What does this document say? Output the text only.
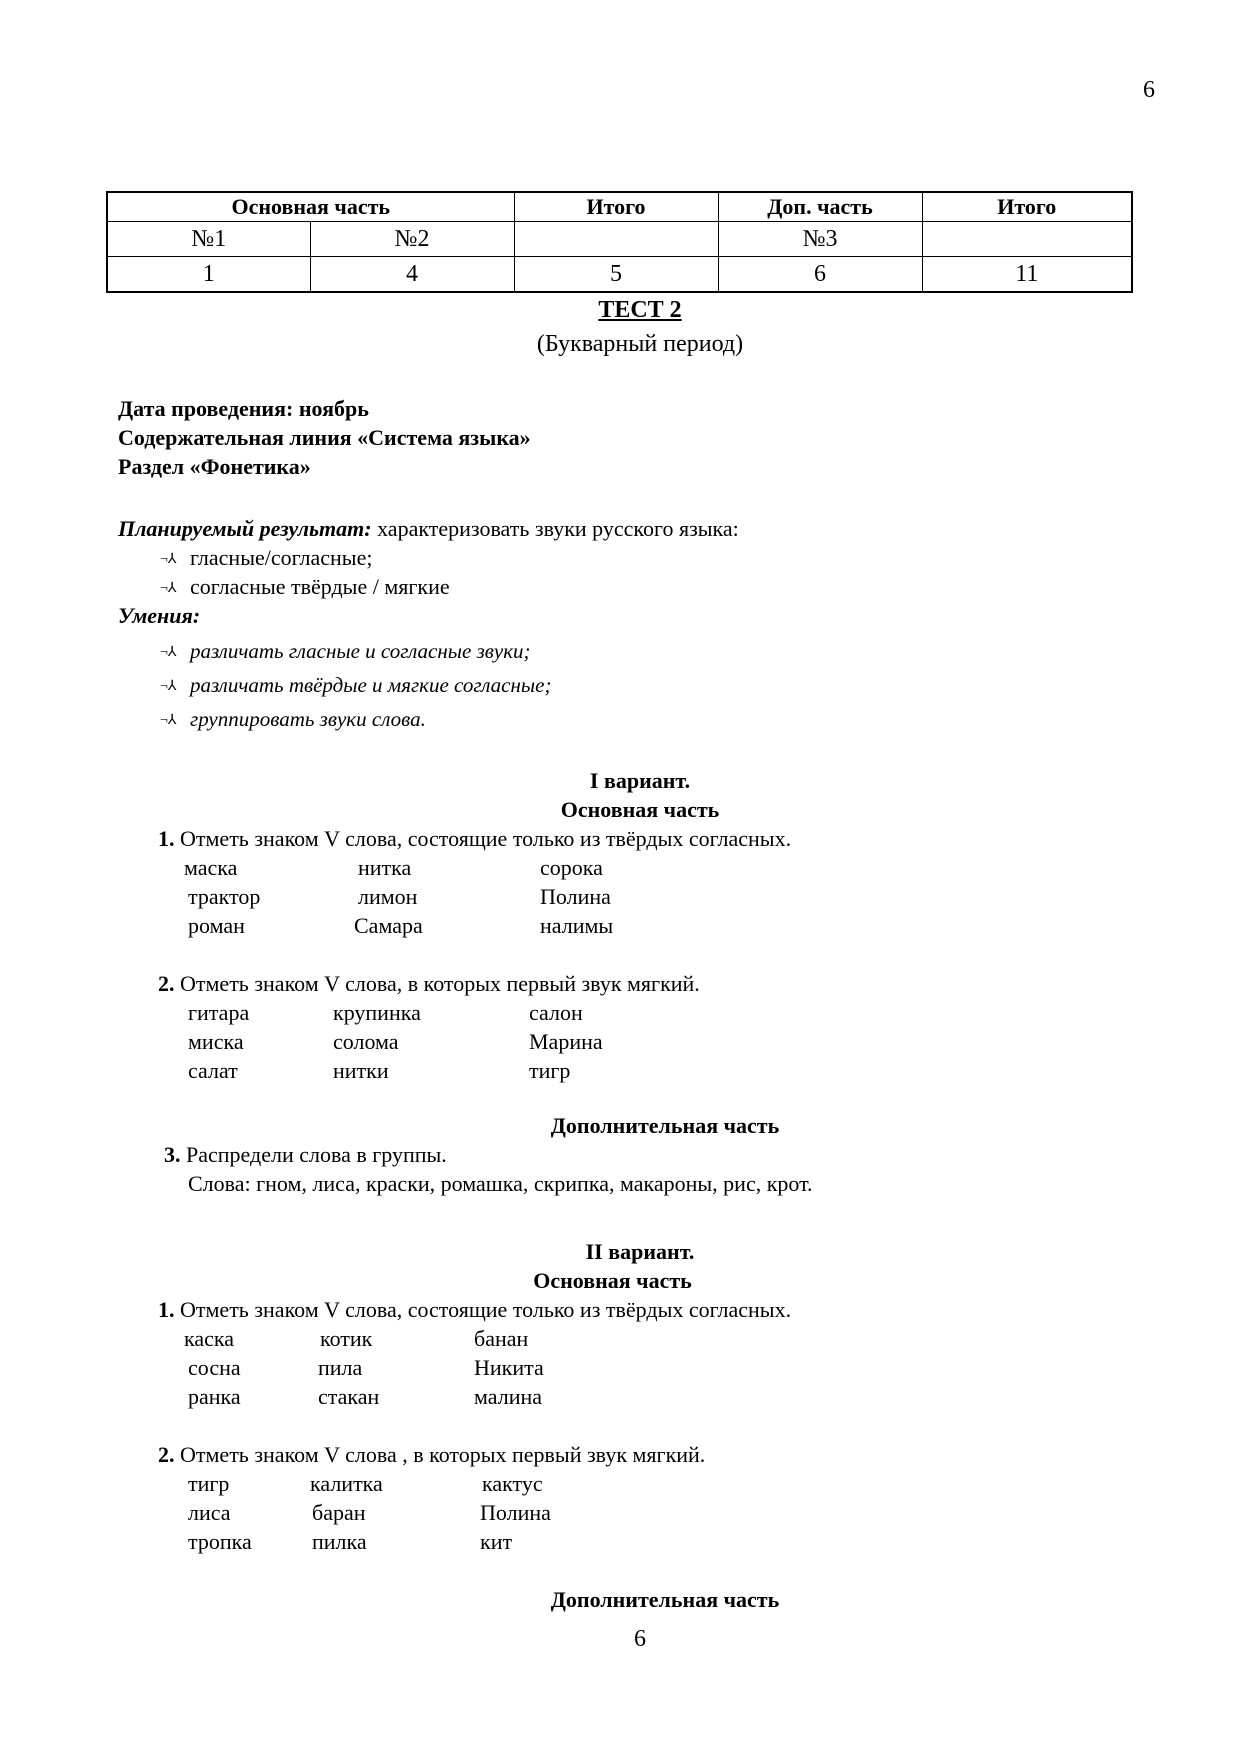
6
Основная часть		Итого	Доп. часть	Итого
№1	№2		№3	
1	4	5	6	11
ТЕСТ 2
(Букварный период)
Дата проведения: ноябрь
Содержательная линия «Система языка»
Раздел «Фонетика»
Планируемый результат: характеризовать звуки русского языка:
¬⅄ гласные/согласные;
¬⅄ согласные твёрдые / мягкие
Умения:
¬⅄ различать гласные и согласные звуки;
¬⅄ различать твёрдые и мягкие согласные;
¬⅄ группировать звуки слова.
I вариант.
Основная часть
1. Отметь знаком V слова, состоящие только из твёрдых согласных.
маска	нитка	сорока
трактор	лимон	Полина
роман	Самара	налимы
2. Отметь знаком V слова, в которых первый звук мягкий.
гитара	крупинка	салон
миска	солома	Марина
салат	нитки	тигр
Дополнительная часть
3. Распредели слова в группы.
Слова: гном, лиса, краски, ромашка, скрипка, макароны, рис, крот.
II вариант.
Основная часть
1. Отметь знаком V слова, состоящие только из твёрдых согласных.
каска	котик	банан
сосна	пила	Никита
ранка	стакан	малина
2. Отметь знаком V слова , в которых первый звук мягкий.
тигр	калитка	кактус
лиса	баран	Полина
тропка	пилка	кит
Дополнительная часть
6
